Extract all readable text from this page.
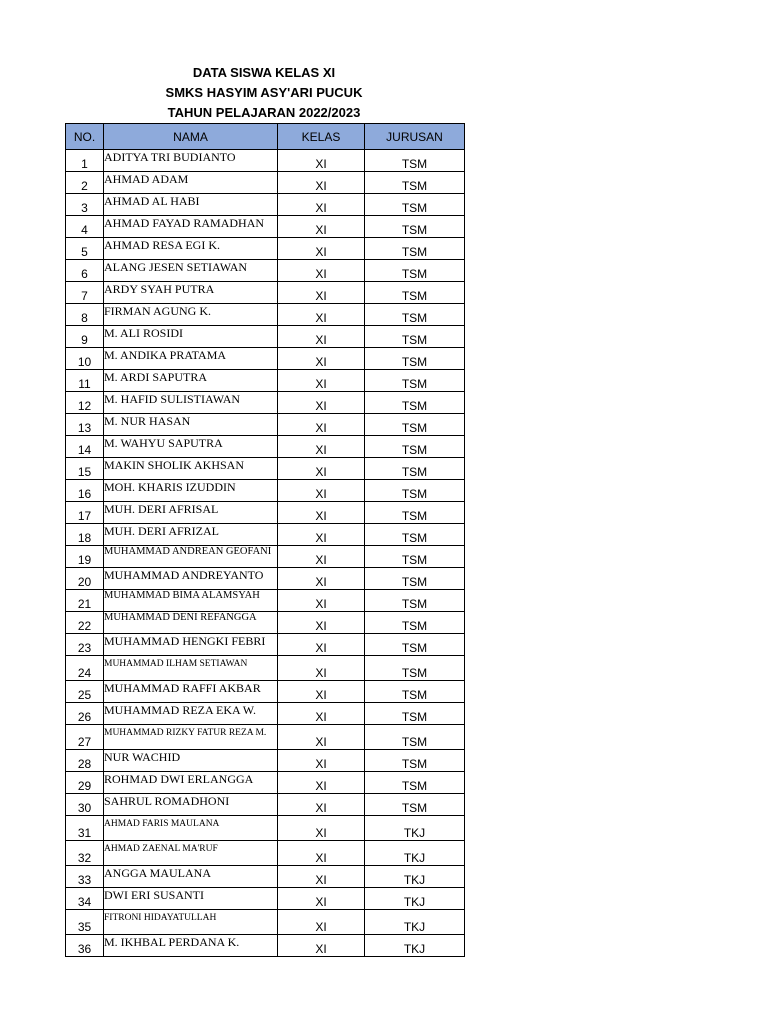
DATA SISWA KELAS XI
SMKS HASYIM ASY'ARI PUCUK
TAHUN PELAJARAN 2022/2023
NO.	NAMA	KELAS	JURUSAN
1	ADITYA TRI BUDIANTO	XI	TSM
2	AHMAD ADAM	XI	TSM
3	AHMAD AL HABI	XI	TSM
4	AHMAD FAYAD RAMADHAN	XI	TSM
5	AHMAD RESA EGI K.	XI	TSM
6	ALANG JESEN SETIAWAN	XI	TSM
7	ARDY SYAH PUTRA	XI	TSM
8	FIRMAN AGUNG K.	XI	TSM
9	M. ALI ROSIDI	XI	TSM
10	M. ANDIKA PRATAMA	XI	TSM
11	M. ARDI SAPUTRA	XI	TSM
12	M. HAFID SULISTIAWAN	XI	TSM
13	M. NUR HASAN	XI	TSM
14	M. WAHYU SAPUTRA	XI	TSM
15	MAKIN SHOLIK AKHSAN	XI	TSM
16	MOH. KHARIS IZUDDIN	XI	TSM
17	MUH. DERI AFRISAL	XI	TSM
18	MUH. DERI AFRIZAL	XI	TSM
19	MUHAMMAD ANDREAN GEOFANI	XI	TSM
20	MUHAMMAD ANDREYANTO	XI	TSM
21	MUHAMMAD BIMA ALAMSYAH	XI	TSM
22	MUHAMMAD DENI REFANGGA	XI	TSM
23	MUHAMMAD HENGKI FEBRI	XI	TSM
24	MUHAMMAD ILHAM SETIAWAN	XI	TSM
25	MUHAMMAD RAFFI AKBAR	XI	TSM
26	MUHAMMAD REZA EKA W.	XI	TSM
27	MUHAMMAD RIZKY FATUR REZA M.	XI	TSM
28	NUR WACHID	XI	TSM
29	ROHMAD DWI ERLANGGA	XI	TSM
30	SAHRUL ROMADHONI	XI	TSM
31	AHMAD FARIS MAULANA	XI	TKJ
32	AHMAD ZAENAL MA'RUF	XI	TKJ
33	ANGGA MAULANA	XI	TKJ
34	DWI ERI SUSANTI	XI	TKJ
35	FITRONI HIDAYATULLAH	XI	TKJ
36	M. IKHBAL PERDANA K.	XI	TKJ
